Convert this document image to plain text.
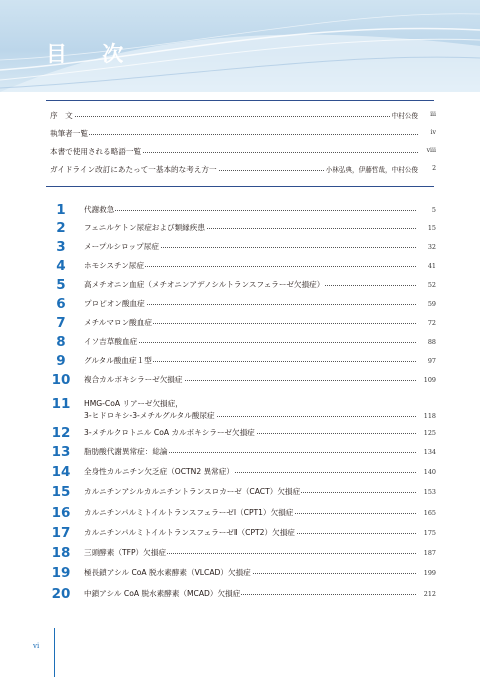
目 次
序　文	中村公俊 iii
執筆者一覧	iv
本書で使用される略語一覧	viii
ガイドライン改訂にあたって一基本的な考え方一	小林弘典，伊藤哲哉，中村公俊 2
1	代謝救急	5
2	フェニルケトン尿症および類縁疾患	15
3	メープルシロップ尿症	32
4	ホモシスチン尿症	41
5	高メチオニン血症（メチオニンアデノシルトランスフェラーゼ欠損症）	52
6	プロピオン酸血症	59
7	メチルマロン酸血症	72
8	イソ吉草酸血症	88
9	グルタル酸血症１型	97
10	複合カルボキシラーゼ欠損症	109
11	HMG-CoA リアーゼ欠損症，
3-ヒドロキシ-3-メチルグルタル酸尿症	118
12	3-メチルクロトニル CoA カルボキシラーゼ欠損症	125
13	脂肪酸代謝異常症：総論	134
14	全身性カルニチン欠乏症（OCTN2 異常症）	140
15	カルニチンアシルカルニチントランスロカーゼ（CACT）欠損症	153
16	カルニチンパルミトイルトランスフェラーゼⅠ（CPT1）欠損症	165
17	カルニチンパルミトイルトランスフェラーゼⅡ（CPT2）欠損症	175
18	三頭酵素（TFP）欠損症	187
19	極長鎖アシル CoA 脱水素酵素（VLCAD）欠損症	199
20	中鎖アシル CoA 脱水素酵素（MCAD）欠損症	212
vi
